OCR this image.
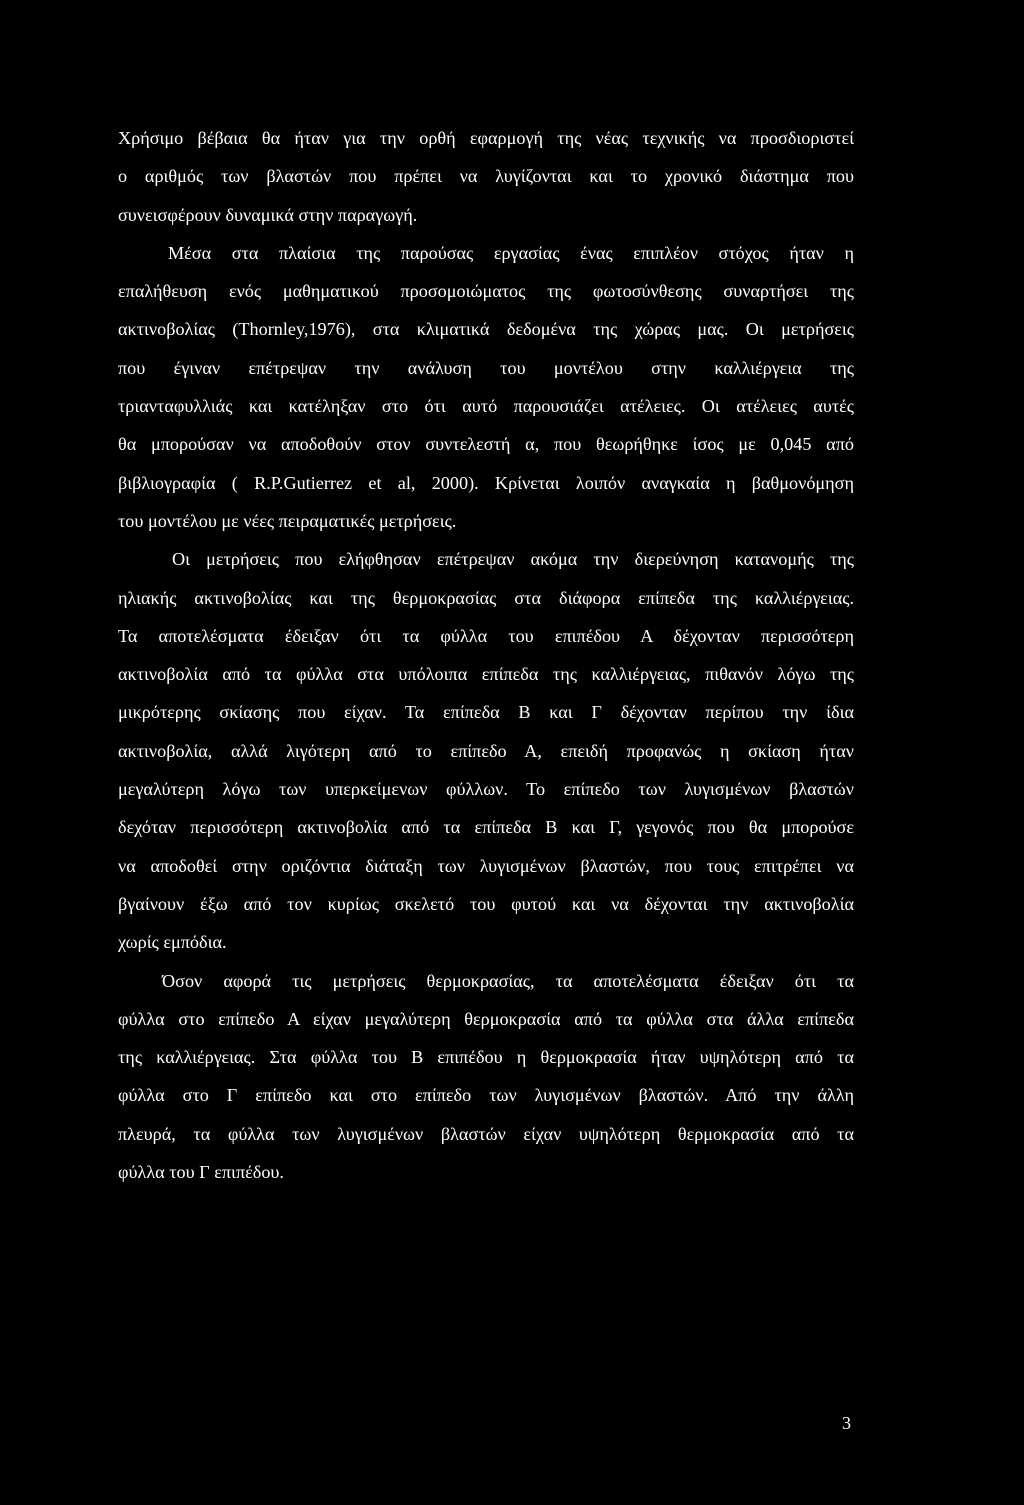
Χρήσιμο βέβαια θα ήταν για την ορθή εφαρμογή της νέας τεχνικής να προσδιοριστεί
ο αριθμός των βλαστών που πρέπει να λυγίζονται και το χρονικό διάστημα που
συνεισφέρουν δυναμικά στην παραγωγή.
Μέσα στα πλαίσια της παρούσας εργασίας ένας επιπλέον στόχος ήταν η
επαλήθευση ενός μαθηματικού προσομοιώματος της φωτοσύνθεσης συναρτήσει της
ακτινοβολίας (Thornley,1976), στα κλιματικά δεδομένα της χώρας μας. Οι μετρήσεις
που έγιναν επέτρεψαν την ανάλυση του μοντέλου στην καλλιέργεια της
τριανταφυλλιάς και κατέληξαν στο ότι αυτό παρουσιάζει ατέλειες. Οι ατέλειες αυτές
θα μπορούσαν να αποδοθούν στον συντελεστή α, που θεωρήθηκε ίσος με 0,045 από
βιβλιογραφία ( R.P.Gutierrez et al, 2000). Κρίνεται λοιπόν αναγκαία η βαθμονόμηση
του μοντέλου με νέες πειραματικές μετρήσεις.
Οι μετρήσεις που ελήφθησαν επέτρεψαν ακόμα την διερεύνηση κατανομής της
ηλιακής ακτινοβολίας και της θερμοκρασίας στα διάφορα επίπεδα της καλλιέργειας.
Τα αποτελέσματα έδειξαν ότι τα φύλλα του επιπέδου Α δέχονταν περισσότερη
ακτινοβολία από τα φύλλα στα υπόλοιπα επίπεδα της καλλιέργειας, πιθανόν λόγω της
μικρότερης σκίασης που είχαν. Τα επίπεδα Β και Γ δέχονταν περίπου την ίδια
ακτινοβολία, αλλά λιγότερη από το επίπεδο Α, επειδή προφανώς η σκίαση ήταν
μεγαλύτερη λόγω των υπερκείμενων φύλλων. Το επίπεδο των λυγισμένων βλαστών
δεχόταν περισσότερη ακτινοβολία από τα επίπεδα Β και Γ, γεγονός που θα μπορούσε
να αποδοθεί στην οριζόντια διάταξη των λυγισμένων βλαστών, που τους επιτρέπει να
βγαίνουν έξω από τον κυρίως σκελετό του φυτού και να δέχονται την ακτινοβολία
χωρίς εμπόδια.
Όσον αφορά τις μετρήσεις θερμοκρασίας, τα αποτελέσματα έδειξαν ότι τα
φύλλα στο επίπεδο Α είχαν μεγαλύτερη θερμοκρασία από τα φύλλα στα άλλα επίπεδα
της καλλιέργειας. Στα φύλλα του Β επιπέδου η θερμοκρασία ήταν υψηλότερη από τα
φύλλα στο Γ επίπεδο και στο επίπεδο των λυγισμένων βλαστών. Από την άλλη
πλευρά, τα φύλλα των λυγισμένων βλαστών είχαν υψηλότερη θερμοκρασία από τα
φύλλα του Γ επιπέδου.
3
